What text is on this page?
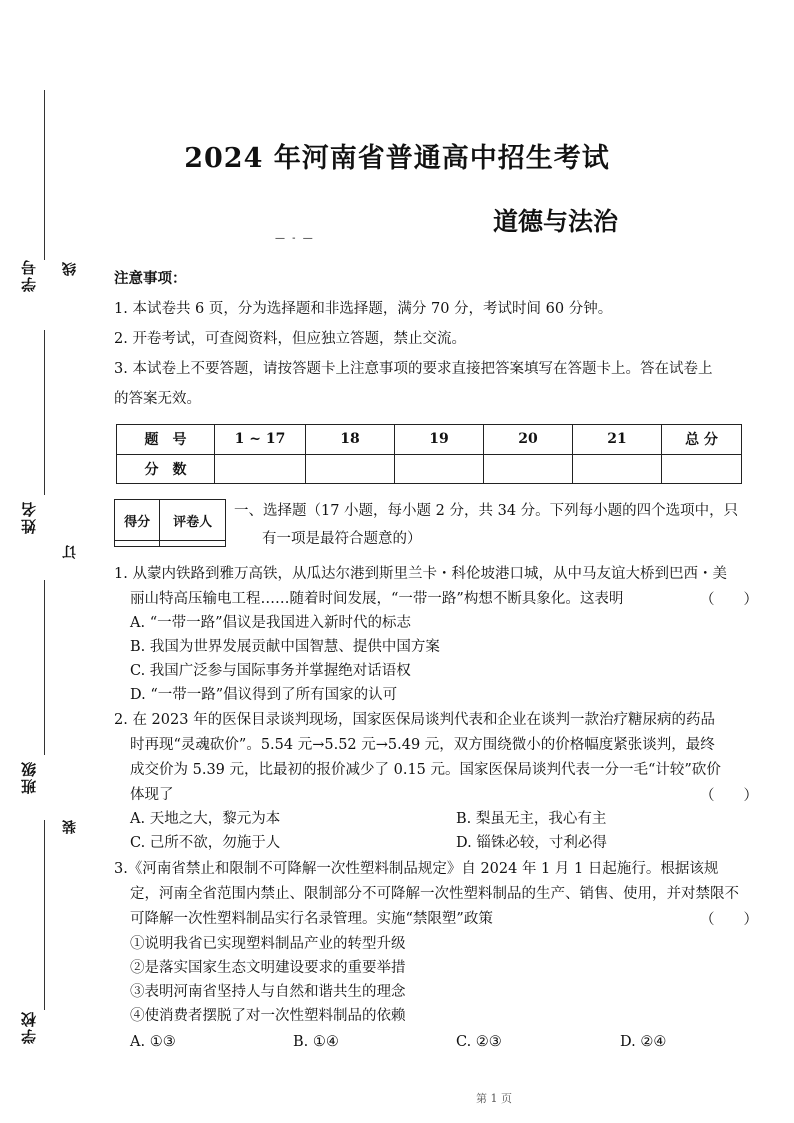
学号
姓名
班级
学校
线
订
装
2024 年河南省普通高中招生考试
道德与法治
— - —
注意事项：
1. 本试卷共 6 页，分为选择题和非选择题，满分 70 分，考试时间 60 分钟。
2. 开卷考试，可查阅资料，但应独立答题，禁止交流。
3. 本试卷上不要答题，请按答题卡上注意事项的要求直接把答案填写在答题卡上。答在试卷上
的答案无效。
题　号	1 ~ 17	18	19	20	21	总 分
分　数						
得分	评卷人

一、选择题（17 小题，每小题 2 分，共 34 分。下列每小题的四个选项中，只
有一项是最符合题意的）
1. 从蒙内铁路到雅万高铁，从瓜达尔港到斯里兰卡・科伦坡港口城，从中马友谊大桥到巴西・美
丽山特高压输电工程……随着时间发展，“一带一路”构想不断具象化。这表明	（　　）
A. “一带一路”倡议是我国进入新时代的标志
B. 我国为世界发展贡献中国智慧、提供中国方案
C. 我国广泛参与国际事务并掌握绝对话语权
D. “一带一路”倡议得到了所有国家的认可
2. 在 2023 年的医保目录谈判现场，国家医保局谈判代表和企业在谈判一款治疗糖尿病的药品
时再现“灵魂砍价”。5.54 元→5.52 元→5.49 元，双方围绕微小的价格幅度紧张谈判，最终
成交价为 5.39 元，比最初的报价减少了 0.15 元。国家医保局谈判代表一分一毛“计较”砍价
体现了	（　　）
A. 天地之大，黎元为本	B. 梨虽无主，我心有主
C. 己所不欲，勿施于人	D. 锱铢必较，寸利必得
3.《河南省禁止和限制不可降解一次性塑料制品规定》自 2024 年 1 月 1 日起施行。根据该规
定，河南全省范围内禁止、限制部分不可降解一次性塑料制品的生产、销售、使用，并对禁限不
可降解一次性塑料制品实行名录管理。实施“禁限塑”政策	（　　）
①说明我省已实现塑料制品产业的转型升级
②是落实国家生态文明建设要求的重要举措
③表明河南省坚持人与自然和谐共生的理念
④使消费者摆脱了对一次性塑料制品的依赖
A. ①③	B. ①④	C. ②③	D. ②④
第 1 页
